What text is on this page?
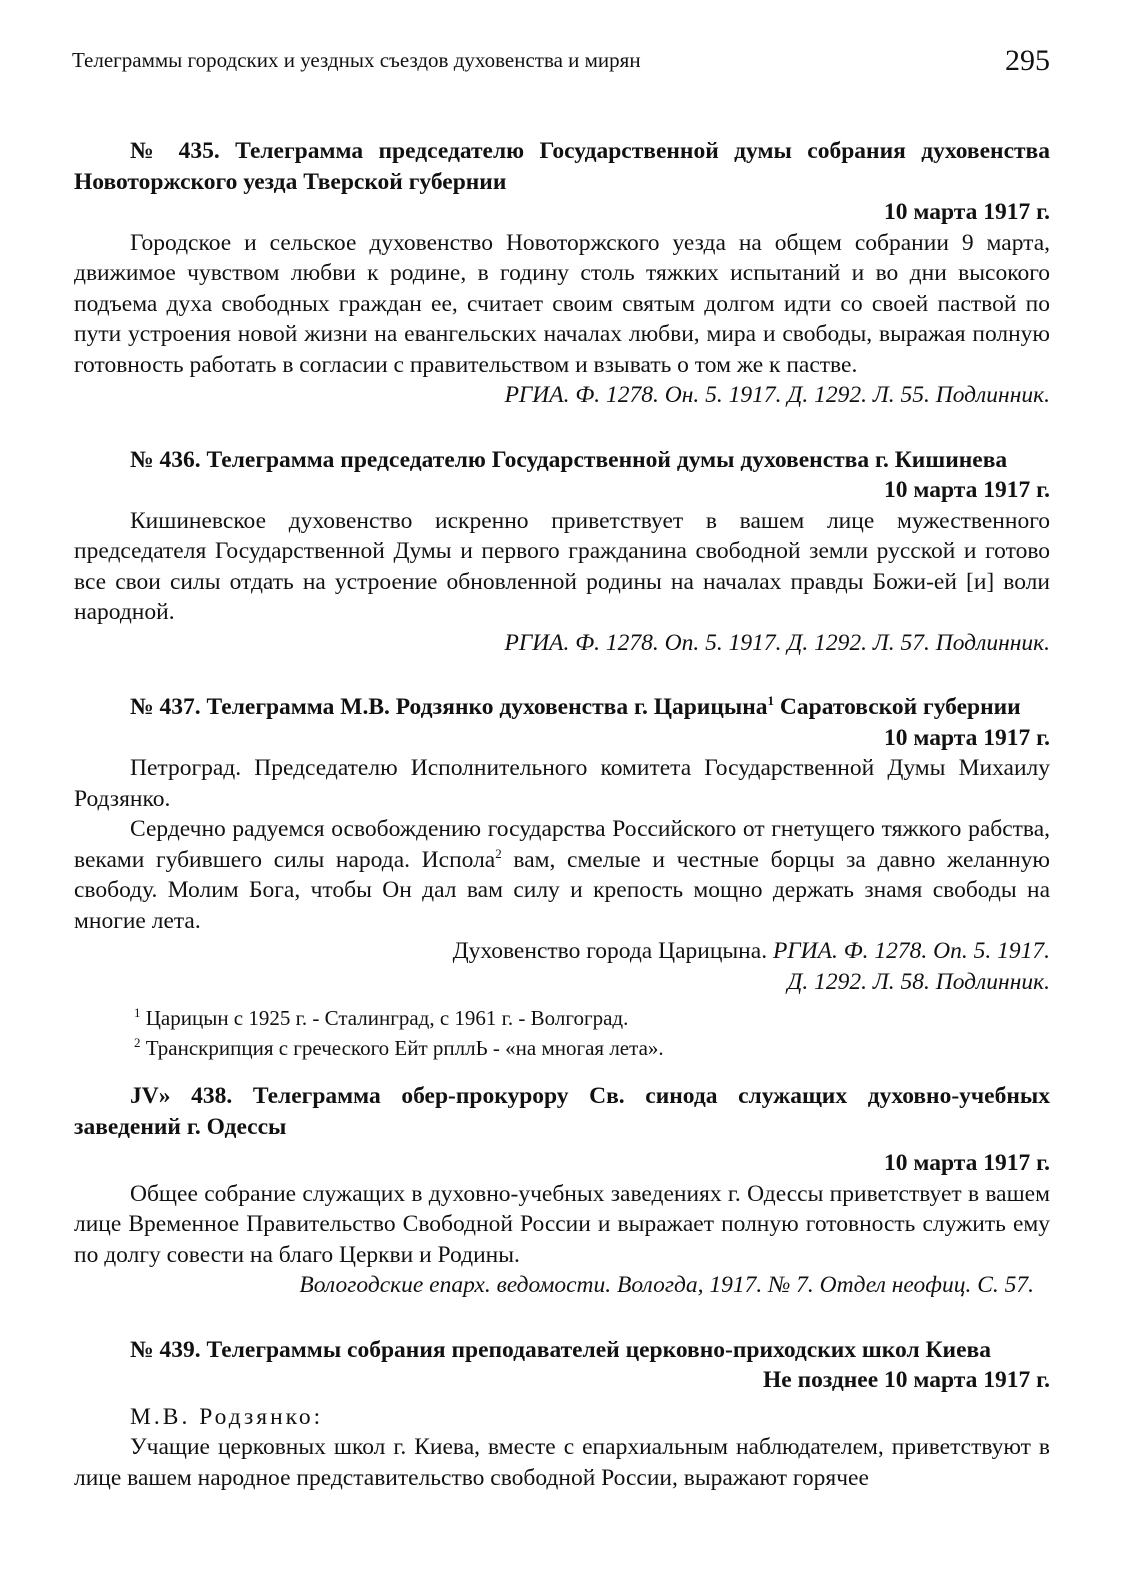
Телеграммы городских и уездных съездов духовенства и мирян	295
№ 435. Телеграмма председателю Государственной думы собрания духовенства Новоторжского уезда Тверской губернии
10 марта 1917 г.
Городское и сельское духовенство Новоторжского уезда на общем собрании 9 марта, движимое чувством любви к родине, в годину столь тяжких испытаний и во дни высокого подъема духа свободных граждан ее, считает своим святым долгом идти со своей паствой по пути устроения новой жизни на евангельских началах любви, мира и свободы, выражая полную готовность работать в согласии с правительством и взывать о том же к пастве.
РГИА. Ф. 1278. Он. 5. 1917. Д. 1292. Л. 55. Подлинник.
№ 436. Телеграмма председателю Государственной думы духовенства г. Кишинева
10 марта 1917 г.
Кишиневское духовенство искренно приветствует в вашем лице мужественного председателя Государственной Думы и первого гражданина свободной земли русской и готово все свои силы отдать на устроение обновленной родины на началах правды Божи-ей [и] воли народной.
РГИА. Ф. 1278. Оп. 5. 1917. Д. 1292. Л. 57. Подлинник.
№ 437. Телеграмма М.В. Родзянко духовенства г. Царицына$^1$ Саратовской губернии
10 марта 1917 г.
Петроград. Председателю Исполнительного комитета Государственной Думы Михаилу Родзянко.
Сердечно радуемся освобождению государства Российского от гнетущего тяжкого рабства, веками губившего силы народа. Испола$^2$ вам, смелые и честные борцы за давно желанную свободу. Молим Бога, чтобы Он дал вам силу и крепость мощно держать знамя свободы на многие лета.
Духовенство города Царицына. РГИА. Ф. 1278. Оп. 5. 1917.
Д. 1292. Л. 58. Подлинник.
$^1$ Царицын с 1925 г. - Сталинград, с 1961 г. - Волгоград.
$^2$ Транскрипция с греческого Ейт рпллЬ - «на многая лета».
JV» 438. Телеграмма обер-прокурору Св. синода служащих духовно-учебных заведений г. Одессы
10 марта 1917 г.
Общее собрание служащих в духовно-учебных заведениях г. Одессы приветствует в вашем лице Временное Правительство Свободной России и выражает полную готовность служить ему по долгу совести на благо Церкви и Родины.
Вологодские епарх. ведомости. Вологда, 1917. № 7. Отдел неофиц. С. 57.
№ 439. Телеграммы собрания преподавателей церковно-приходских школ Киева
Не позднее 10 марта 1917 г.
М.В. Родзянко:
Учащие церковных школ г. Киева, вместе с епархиальным наблюдателем, приветствуют в лице вашем народное представительство свободной России, выражают горячее
